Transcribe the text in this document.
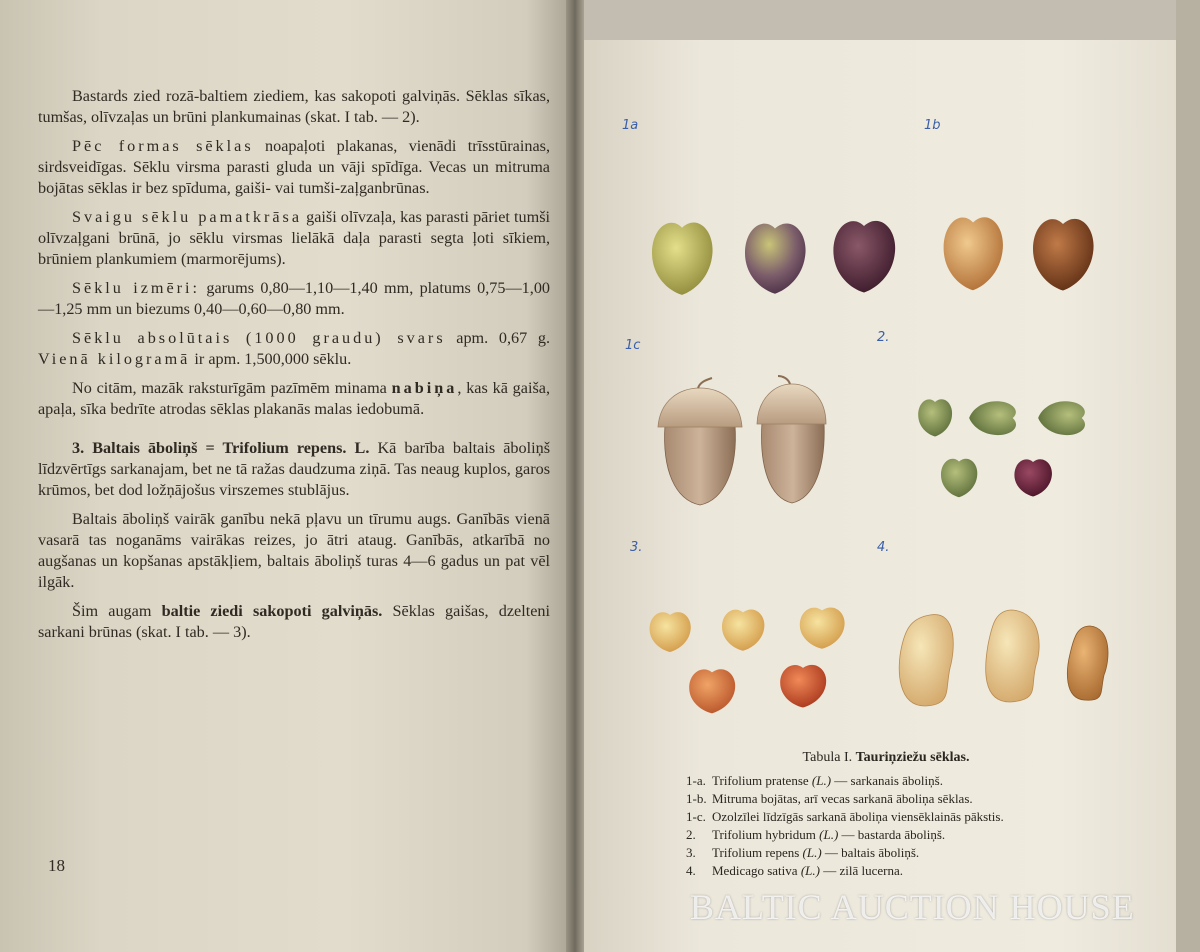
Bastards zied rozā-baltiem ziediem, kas sakopoti galviņās. Sēklas sīkas, tumšas, olīvzaļas un brūni plankumainas (skat. I tab. — 2).

Pēc formas sēklas noapaļoti plakanas, vienādi trīsstūrainas, sirdsveidīgas. Sēklu virsma parasti gluda un vāji spīdīga. Vecas un mitruma bojātas sēklas ir bez spīduma, gaiši- vai tumši-zaļganbrūnas.

Svaigu sēklu pamatkrāsa gaiši olīvzaļa, kas parasti pāriet tumši olīvzaļgani brūnā, jo sēklu virsmas lielākā daļa parasti segta ļoti sīkiem, brūniem plankumiem (marmorējums).

Sēklu izmēri: garums 0,80—1,10—1,40 mm, platums 0,75—1,00—1,25 mm un biezums 0,40—0,60—0,80 mm.

Sēklu absolūtais (1000 graudu) svars apm. 0,67 g. Vienā kilogramā ir apm. 1,500,000 sēklu.

No citām, mazāk raksturīgām pazīmēm minama nabiņa, kas kā gaiša, apaļa, sīka bedrīte atrodas sēklas plakanās malas iedobumā.

3. Baltais āboliņš = Trifolium repens. L. Kā barība baltais āboliņš līdzvērtīgs sarkanajam, bet ne tā ražas daudzuma ziņā. Tas neaug kuplos, garos krūmos, bet dod ložņājošus virszemes stublājus.

Baltais āboliņš vairāk ganību nekā pļavu un tīrumu augs. Ganībās vienā vasarā tas noganāms vairākas reizes, jo ātri ataug. Ganībās, atkarībā no augšanas un kopšanas apstākļiem, baltais āboliņš turas 4—6 gadus un pat vēl ilgāk.

Šim augam baltie ziedi sakopoti galviņās. Sēklas gaišas, dzelteni sarkani brūnas (skat. I tab. — 3).

18
1a	1b
1c
2.
3.	4.
Tabula I. Tauriņziežu sēklas.
1-a. Trifolium pratense (L.) — sarkanais āboliņš.
1-b. Mitruma bojātas, arī vecas sarkanā āboliņa sēklas.
1-c. Ozolzīlei līdzīgās sarkanā āboliņa viensēklainās pākstis.
2.	Trifolium hybridum (L.) — bastarda āboliņš.
3.	Trifolium repens (L.) — baltais āboliņš.
4.	Medicago sativa (L.) — zilā lucerna.
BALTIC AUCTION HOUSE
